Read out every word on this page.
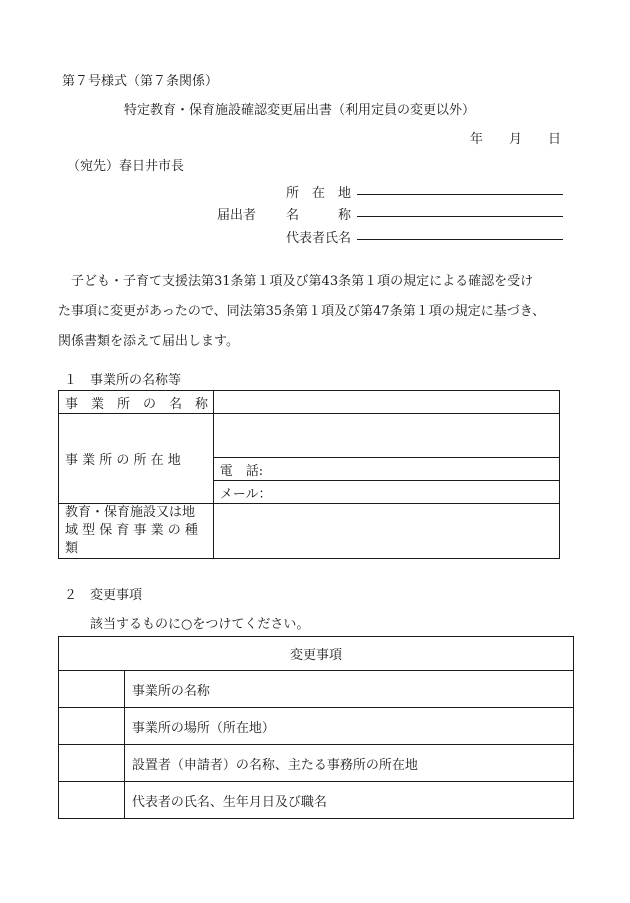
第７号様式（第７条関係）
特定教育・保育施設確認変更届出書（利用定員の変更以外）
年 月 日
（宛先）春日井市長
所　在　地
届出者 名　　　称
代表者氏名
子ども・子育て支援法第31条第１項及び第43条第１項の規定による確認を受け
た事項に変更があったので、同法第35条第１項及び第47条第１項の規定に基づき、
関係書類を添えて届出します。
１　事業所の名称等
事　業　所　の　名　称	
事 業 所 の 所 在 地	
	電　話:
	メール：

教育・保育施設又は地
域 型 保 育 事 業 の 種 類	

２　変更事項
該当するものに○をつけてください。
変更事項	
	事業所の名称
	事業所の場所（所在地）
	設置者（申請者）の名称、主たる事務所の所在地
	代表者の氏名、生年月日及び職名
